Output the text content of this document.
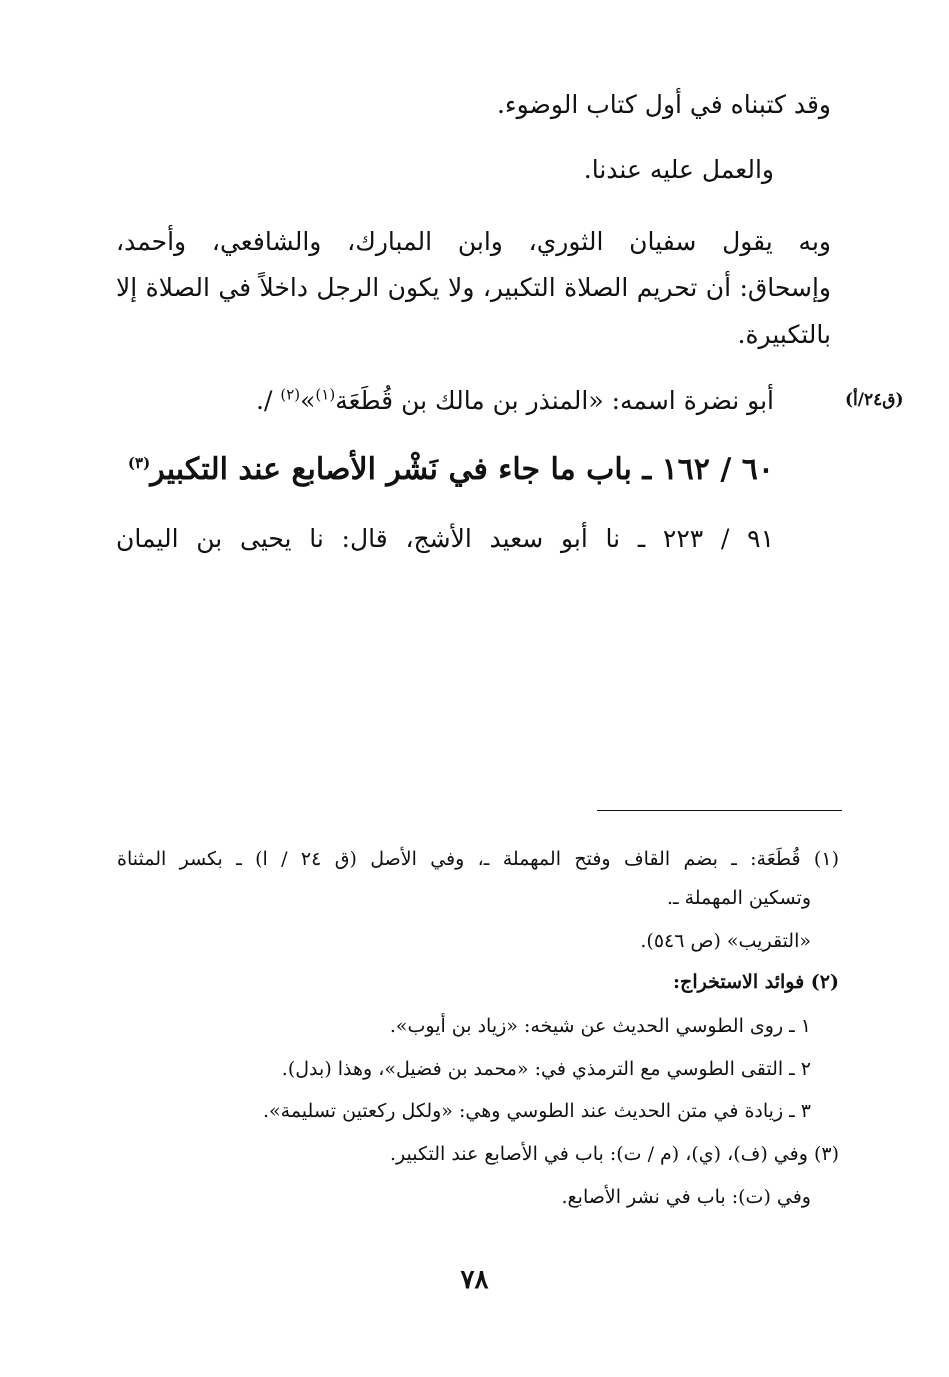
وقد كتبناه في أول كتاب الوضوء.
والعمل عليه عندنا.
وبه يقول سفيان الثوري، وابن المبارك، والشافعي، وأحمد،
وإسحاق: أن تحريم الصلاة التكبير، ولا يكون الرجل داخلاً في الصلاة إلا
بالتكبيرة.
(ق٢٤/أ)
أبو نضرة اسمه: «المنذر بن مالك بن قُطَعَة$^{(١)}$»$^{(٢)}$ /.
٦٠ / ١٦٢ ـ باب ما جاء في نَشْر الأصابع عند التكبير$^{(٣)}$
٩١ / ٢٢٣ ـ نا أبو سعيد الأشج، قال: نا يحيى بن اليمان
(١) قُطَعَة: ـ بضم القاف وفتح المهملة ـ، وفي الأصل (ق ٢٤ / ا) ـ بكسر المثناة
وتسكين المهملة ـ.
«التقريب» (ص ٥٤٦).
(٢) فوائد الاستخراج:
١ ـ روى الطوسي الحديث عن شيخه: «زياد بن أيوب».
٢ ـ التقى الطوسي مع الترمذي في: «محمد بن فضيل»، وهذا (بدل).
٣ ـ زيادة في متن الحديث عند الطوسي وهي: «ولكل ركعتين تسليمة».
(٣) وفي (ف)، (ي)، (م / ت): باب في الأصابع عند التكبير.
وفي (ت): باب في نشر الأصابع.
٧٨
